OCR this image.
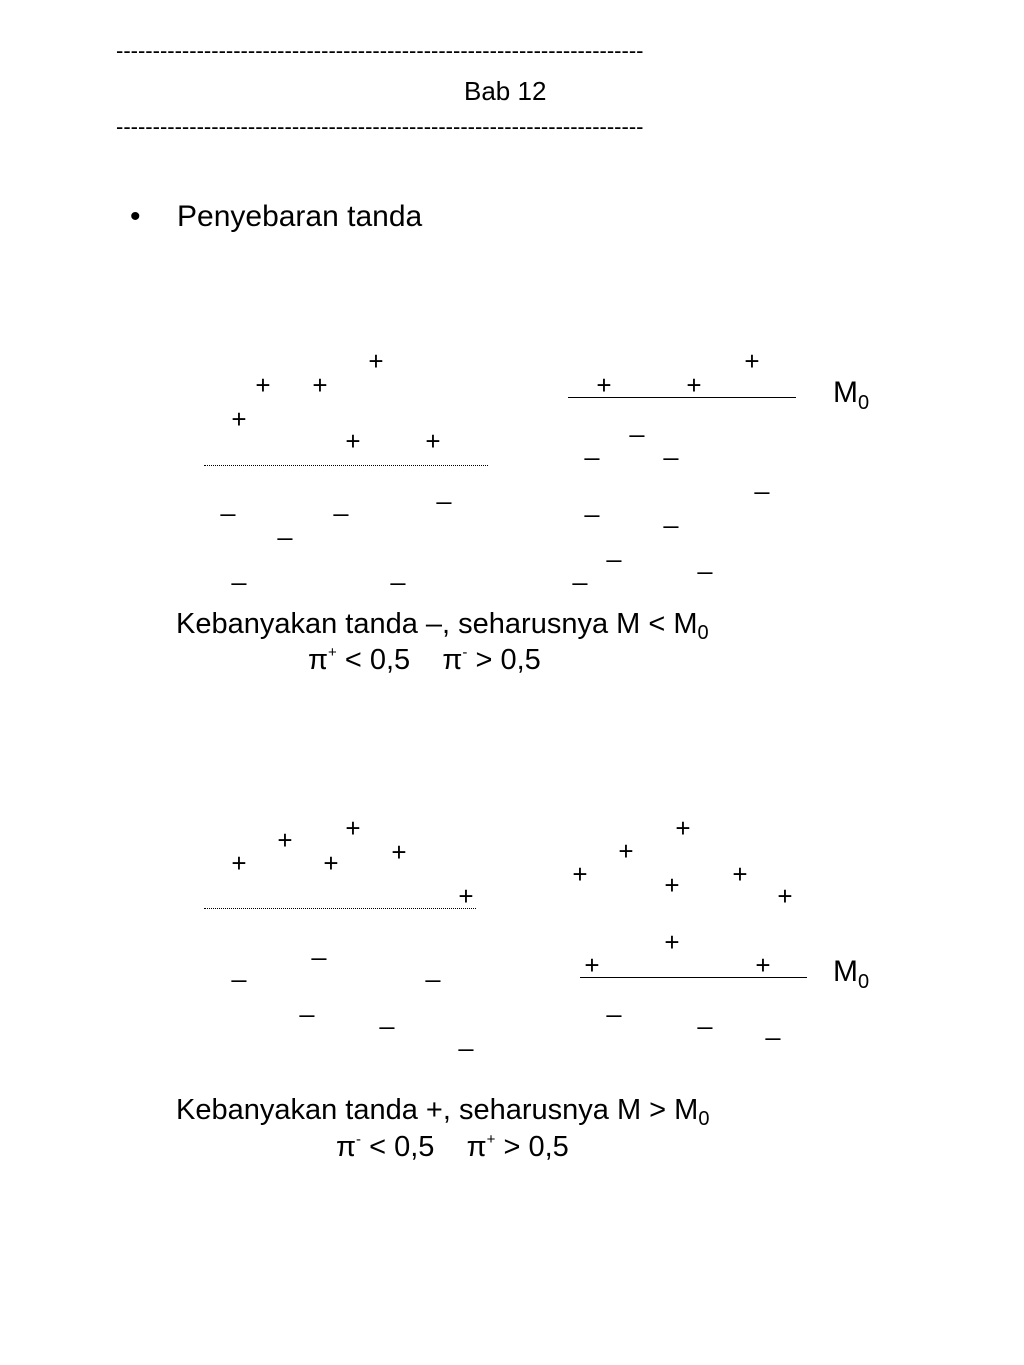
------------------------------------------------------------------------
Bab 12
------------------------------------------------------------------------
• Penyebaran tanda
$M_0$
Kebanyakan tanda –, seharusnya $M < M_0$
π+ < 0,5 π- > 0,5
$M_0$
Kebanyakan tanda +, seharusnya $M > M_0$
π- < 0,5 π+ > 0,5
+
+ +
+
+ +
_
_	_
_
_	_
+
+	+
_
_ _
_
_ _
_	_
_
+
+	+
+	+
+
_
_	_
_	_
_
+
+
+	+
+	+
+
+	+
_	_ _
